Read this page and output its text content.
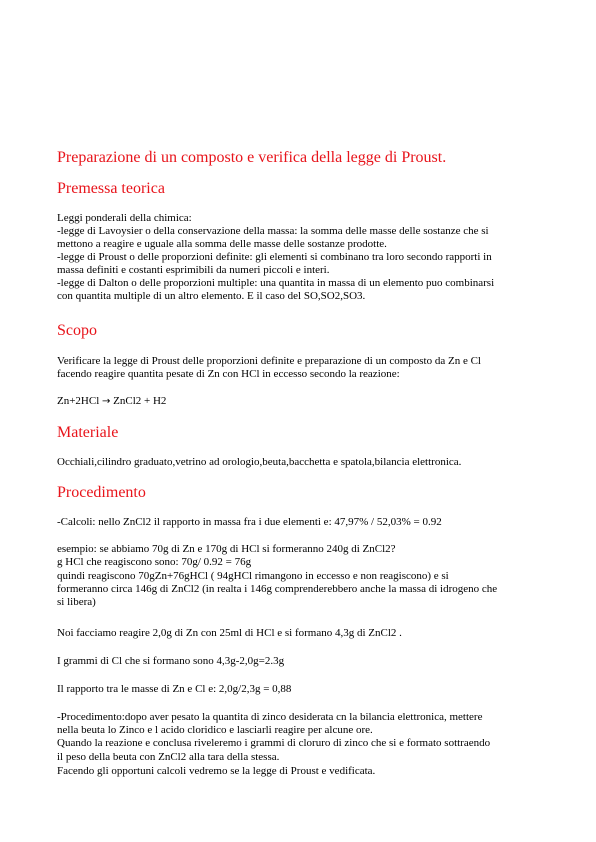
Preparazione di un composto e verifica della legge di Proust.
Premessa teorica

Leggi ponderali della chimica:

-legge di Lavoysier o della conservazione della massa: la somma delle masse delle sostanze che si

mettono a reagire e uguale alla somma delle masse delle sostanze prodotte.

-legge di Proust o delle proporzioni definite: gli elementi si combinano tra loro secondo rapporti in

massa definiti e costanti esprimibili da numeri piccoli e interi.

-legge di Dalton o delle proporzioni multiple: una quantita in massa di un elemento puo combinarsi

con quantita multiple di un altro elemento. E il caso del SO,SO2,SO3.

Scopo

Verificare la legge di Proust delle proporzioni definite e preparazione di un composto da Zn e Cl

facendo reagire quantita pesate di Zn con HCl in eccesso secondo la reazione:

Zn+2HCl → ZnCl2 + H2

Materiale

Occhiali,cilindro graduato,vetrino ad orologio,beuta,bacchetta e spatola,bilancia elettronica.

Procedimento

-Calcoli: nello ZnCl2 il rapporto in massa fra i due elementi e: 47,97% / 52,03% = 0.92

esempio: se abbiamo 70g di Zn e 170g di HCl si formeranno 240g di ZnCl2?

g HCl che reagiscono sono: 70g/ 0.92 = 76g

quindi reagiscono 70gZn+76gHCl ( 94gHCl rimangono in eccesso e non reagiscono) e si

formeranno circa 146g di ZnCl2 (in realta i 146g comprenderebbero anche la massa di idrogeno che

si libera)

Noi facciamo reagire 2,0g di Zn con 25ml di HCl e si formano 4,3g di ZnCl2 .

I grammi di Cl che si formano sono 4,3g-2,0g=2.3g

Il rapporto tra le masse di Zn e Cl e: 2,0g/2,3g = 0,88

-Procedimento:dopo aver pesato la quantita di zinco desiderata cn la bilancia elettronica, mettere

nella beuta lo Zinco e l acido cloridico e lasciarli reagire per alcune ore.

Quando la reazione e conclusa riveleremo i grammi di cloruro di zinco che si e formato sottraendo

il peso della beuta con ZnCl2 alla tara della stessa.

Facendo gli opportuni calcoli vedremo se la legge di Proust e vedificata.
